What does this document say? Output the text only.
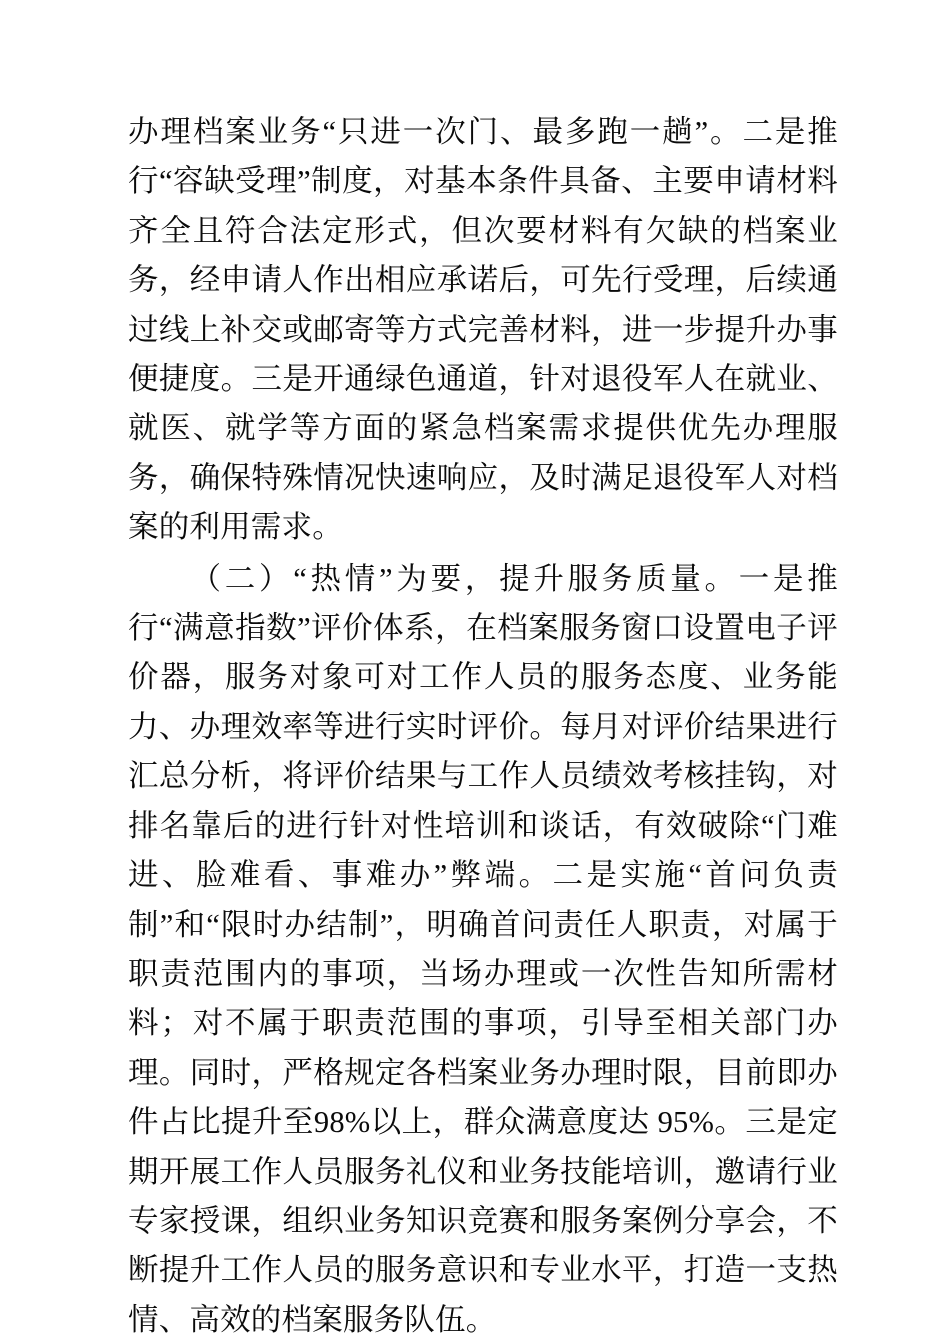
办理档案业务“只进一次门、最多跑一趟”。二是推行“容缺受理”制度，对基本条件具备、主要申请材料齐全且符合法定形式，但次要材料有欠缺的档案业务，经申请人作出相应承诺后，可先行受理，后续通过线上补交或邮寄等方式完善材料，进一步提升办事便捷度。三是开通绿色通道，针对退役军人在就业、就医、就学等方面的紧急档案需求提供优先办理服务，确保特殊情况快速响应，及时满足退役军人对档案的利用需求。

（二）“热情”为要，提升服务质量。一是推行“满意指数”评价体系，在档案服务窗口设置电子评价器，服务对象可对工作人员的服务态度、业务能力、办理效率等进行实时评价。每月对评价结果进行汇总分析，将评价结果与工作人员绩效考核挂钩，对排名靠后的进行针对性培训和谈话，有效破除“门难进、脸难看、事难办”弊端。二是实施“首问负责制”和“限时办结制”，明确首问责任人职责，对属于职责范围内的事项，当场办理或一次性告知所需材料；对不属于职责范围的事项，引导至相关部门办理。同时，严格规定各档案业务办理时限，目前即办件占比提升至98%以上，群众满意度达 95%。三是定期开展工作人员服务礼仪和业务技能培训，邀请行业专家授课，组织业务知识竞赛和服务案例分享会，不断提升工作人员的服务意识和专业水平，打造一支热情、高效的档案服务队伍。
